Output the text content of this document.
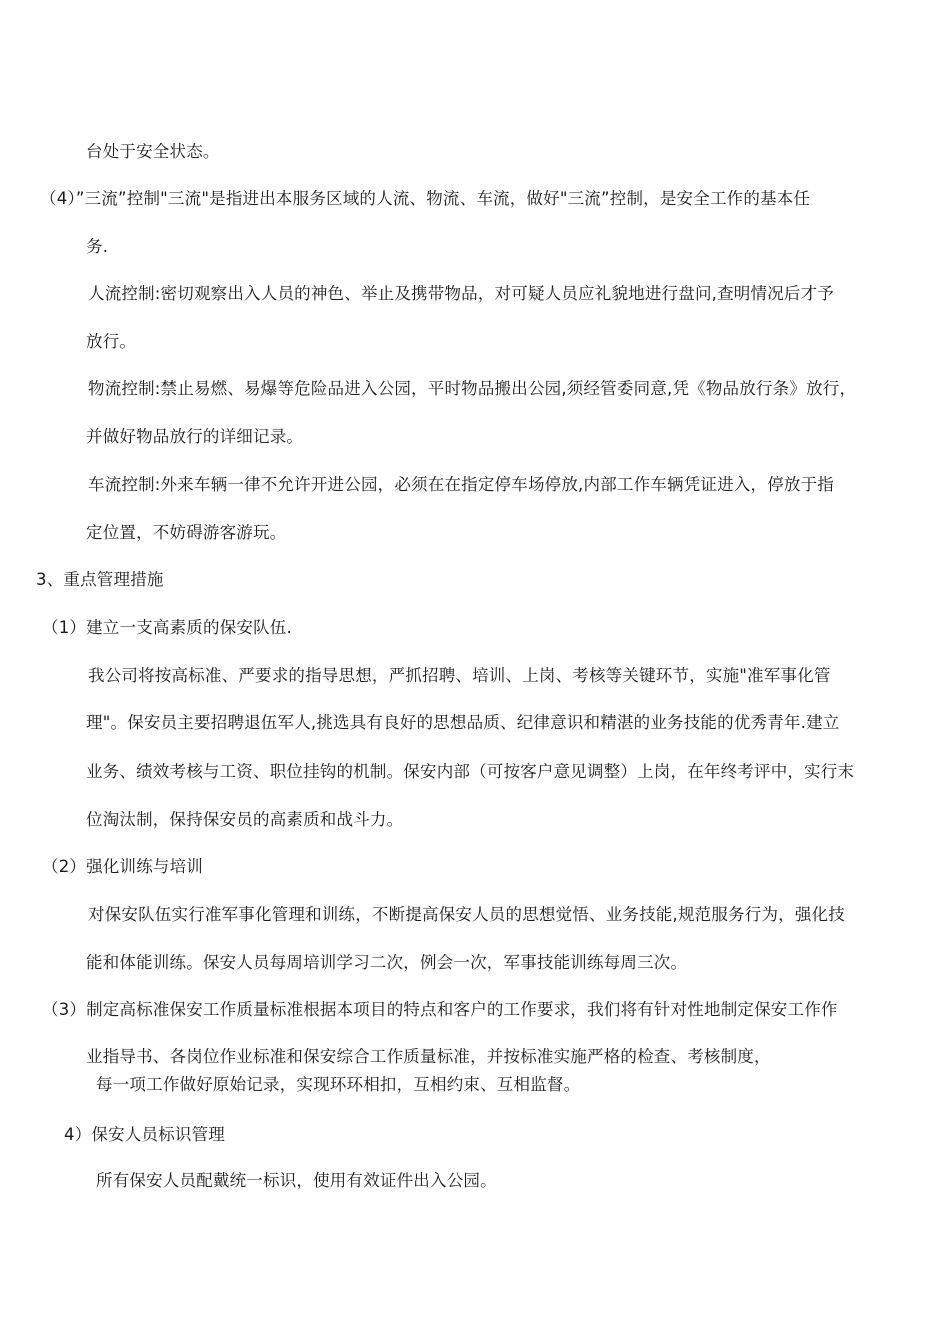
台处于安全状态。
（4）”三流”控制"三流"是指进出本服务区域的人流、物流、车流，做好"三流”控制，是安全工作的基本任
务.
人流控制:密切观察出入人员的神色、举止及携带物品，对可疑人员应礼貌地进行盘问,查明情况后才予
放行。
物流控制:禁止易燃、易爆等危险品进入公园，平时物品搬出公园,须经管委同意,凭《物品放行条》放行，
并做好物品放行的详细记录。
车流控制:外来车辆一律不允许开进公园，必须在在指定停车场停放,内部工作车辆凭证进入，停放于指
定位置，不妨碍游客游玩。
3、重点管理措施
（1）建立一支高素质的保安队伍.
我公司将按高标准、严要求的指导思想，严抓招聘、培训、上岗、考核等关键环节，实施"准军事化管
理"。保安员主要招聘退伍军人,挑选具有良好的思想品质、纪律意识和精湛的业务技能的优秀青年.建立
业务、绩效考核与工资、职位挂钩的机制。保安内部（可按客户意见调整）上岗，在年终考评中，实行末
位淘汰制，保持保安员的高素质和战斗力。
（2）强化训练与培训
对保安队伍实行准军事化管理和训练，不断提高保安人员的思想觉悟、业务技能,规范服务行为，强化技
能和体能训练。保安人员每周培训学习二次，例会一次，军事技能训练每周三次。
（3）制定高标准保安工作质量标准根据本项目的特点和客户的工作要求，我们将有针对性地制定保安工作作
业指导书、各岗位作业标准和保安综合工作质量标准，并按标准实施严格的检查、考核制度，
每一项工作做好原始记录，实现环环相扣，互相约束、互相监督。
4）保安人员标识管理
所有保安人员配戴统一标识，使用有效证件出入公园。
